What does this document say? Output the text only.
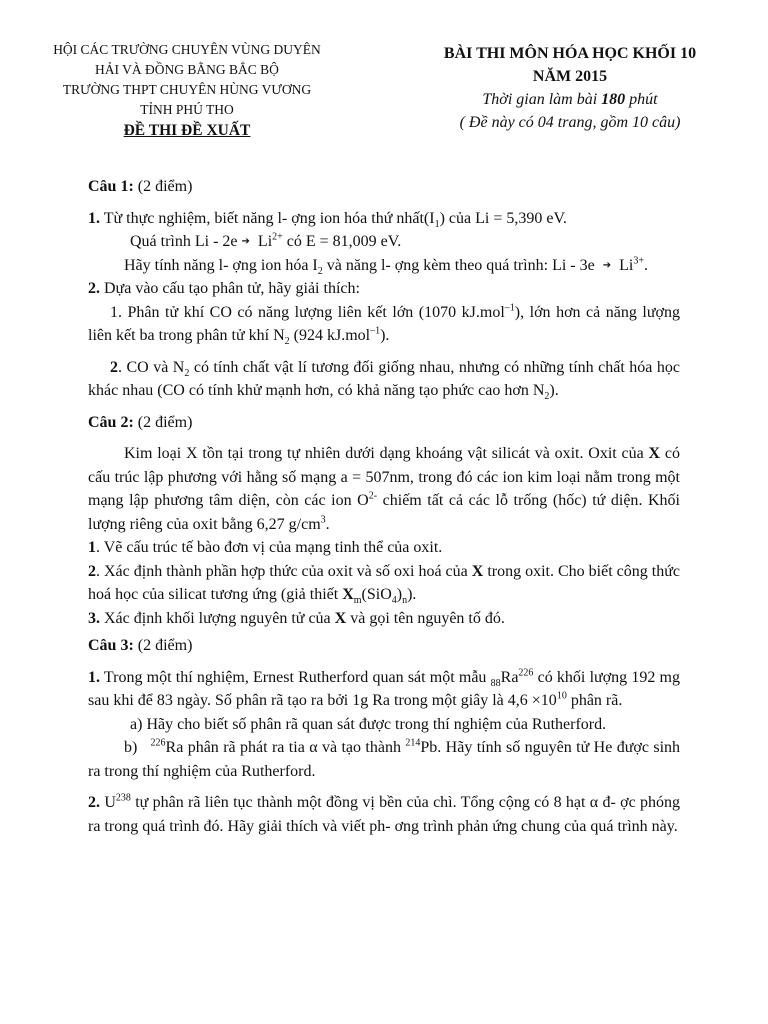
HỘI CÁC TRƯỜNG CHUYÊN VÙNG DUYÊN
HẢI VÀ ĐỒNG BẰNG BẮC BỘ
TRƯỜNG THPT CHUYÊN HÙNG VƯƠNG
TỈNH PHÚ THO
ĐỀ THI ĐỀ XUẤT
BÀI THI MÔN HÓA HỌC KHỐI 10
NĂM 2015
Thời gian làm bài 180 phút
( Đề này có 04 trang, gồm 10 câu)

Câu 1: (2 điểm)

1. Từ thực nghiệm, biết năng l- ợng ion hóa thứ $nhất(I_1)$ của Li = 5,390 eV.

Quá trình Li - 2e ➔ $Li^{2+}$ có E = 81,009 eV.

Hãy tính năng l- ợng ion hóa $I_2$ và năng l- ợng kèm theo quá trình: Li - 3e ➔ $Li^{3+}$.

2. Dựa vào cấu tạo phân tử, hãy giải thích:

1. Phân tử khí CO có năng lượng liên kết lớn (1070 kJ.mol$^{-1}$), lớn hơn cả năng lượng liên kết ba trong phân tử khí $N_2$ (924 kJ.mol$^{-1}$).

2. CO và $N_2$ có tính chất vật lí tương đối giống nhau, nhưng có những tính chất hóa học khác nhau (CO có tính khử mạnh hơn, có khả năng tạo phức cao hơn $N_2$).

Câu 2: (2 điểm)

Kim loại X tồn tại trong tự nhiên dưới dạng khoáng vật silicát và oxit. Oxit của X có cấu trúc lập phương với hằng số mạng a = 507nm, trong đó các ion kim loại nằm trong một mạng lập phương tâm diện, còn các ion $O^{2-}$ chiếm tất cả các lỗ trống (hốc) tứ diện. Khối lượng riêng của oxit bằng 6,27 $g/cm^3$.

1. Vẽ cấu trúc tế bào đơn vị của mạng tinh thể của oxit.

2. Xác định thành phần hợp thức của oxit và số oxi hoá của X trong oxit. Cho biết công thức hoá học của silicat tương ứng (giả thiết $X_m(SiO_4)_n$).

3. Xác định khối lượng nguyên tử của X và gọi tên nguyên tố đó.

Câu 3: (2 điểm)

1. Trong một thí nghiệm, Ernest Rutherford quan sát một mẫu $_{88}Ra^{226}$ có khối lượng 192 mg sau khi để 83 ngày. Số phân rã tạo ra bởi 1g Ra trong một giây là $4,6 \times 10^{10}$ phân rã.

a) Hãy cho biết số phân rã quan sát được trong thí nghiệm của Rutherford.

b) $^{226}$Ra phân rã phát ra tia α và tạo thành $^{214}$Pb. Hãy tính số nguyên tử He được sinh ra trong thí nghiệm của Rutherford.

2. $U^{238}$ tự phân rã liên tục thành một đồng vị bền của chì. Tổng cộng có 8 hạt α đ- ợc phóng ra trong quá trình đó. Hãy giải thích và viết ph- ơng trình phản ứng chung của quá trình này.
